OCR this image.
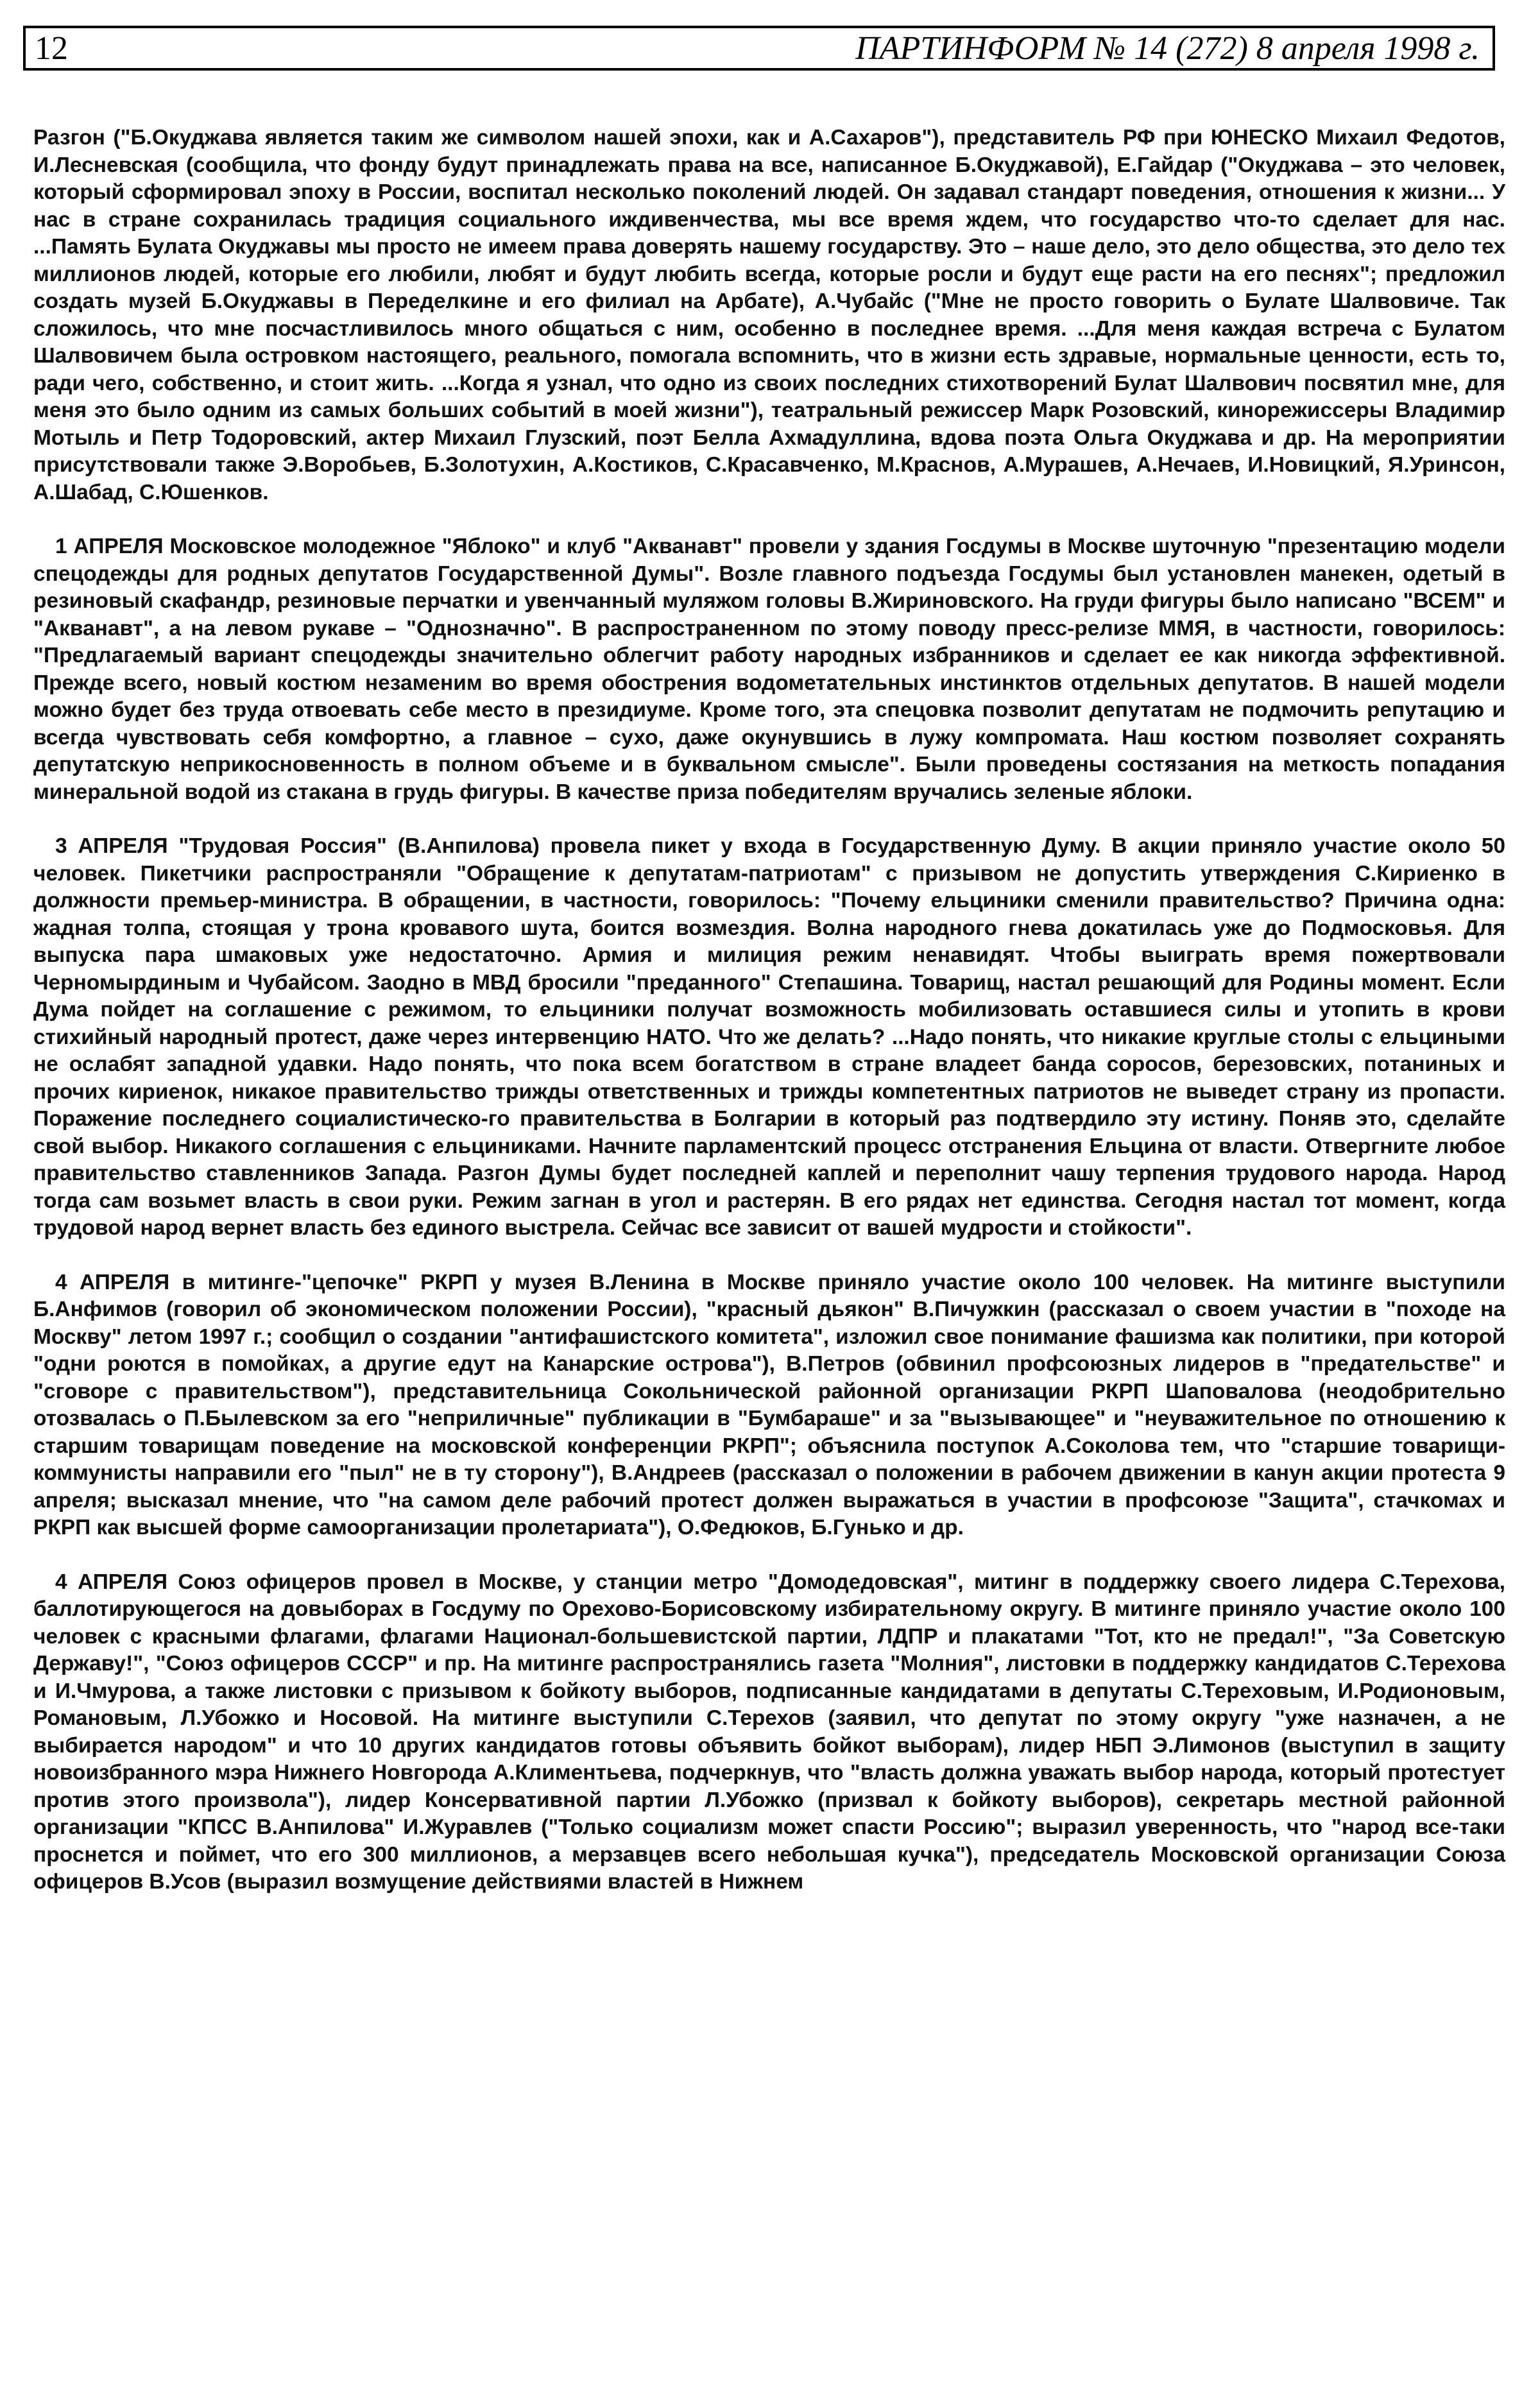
12	ПАРТИНФОРМ № 14 (272) 8 апреля 1998 г.

Разгон ("Б.Окуджава является таким же символом нашей эпохи, как и А.Сахаров"), представитель РФ при ЮНЕСКО Михаил Федотов, И.Лесневская (сообщила, что фонду будут принадлежать права на все, написанное Б.Окуджавой), Е.Гайдар ("Окуджава – это человек, который сформировал эпоху в России, воспитал несколько поколений людей. Он задавал стандарт поведения, отношения к жизни... У нас в стране сохранилась традиция социального иждивенчества, мы все время ждем, что государство что-то сделает для нас. ...Память Булата Окуджавы мы просто не имеем права доверять нашему государству. Это – наше дело, это дело общества, это дело тех миллионов людей, которые его любили, любят и будут любить всегда, которые росли и будут еще расти на его песнях"; предложил создать музей Б.Окуджавы в Переделкине и его филиал на Арбате), А.Чубайс ("Мне не просто говорить о Булате Шалвовиче. Так сложилось, что мне посчастливилось много общаться с ним, особенно в последнее время. ...Для меня каждая встреча с Булатом Шалвовичем была островком настоящего, реального, помогала вспомнить, что в жизни есть здравые, нормальные ценности, есть то, ради чего, собственно, и стоит жить. ...Когда я узнал, что одно из своих последних стихотворений Булат Шалвович посвятил мне, для меня это было одним из самых больших событий в моей жизни"), театральный режиссер Марк Розовский, кинорежиссеры Владимир Мотыль и Петр Тодоровский, актер Михаил Глузский, поэт Белла Ахмадуллина, вдова поэта Ольга Окуджава и др. На мероприятии присутствовали также Э.Воробьев, Б.Золотухин, А.Костиков, С.Красавченко, М.Краснов, А.Мурашев, А.Нечаев, И.Новицкий, Я.Уринсон, А.Шабад, С.Юшенков.

1 АПРЕЛЯ Московское молодежное "Яблоко" и клуб "Акванавт" провели у здания Госдумы в Москве шуточную "презентацию модели спецодежды для родных депутатов Государственной Думы". Возле главного подъезда Госдумы был установлен манекен, одетый в резиновый скафандр, резиновые перчатки и увенчанный муляжом головы В.Жириновского. На груди фигуры было написано "ВСЕМ" и "Акванавт", а на левом рукаве – "Однозначно". В распространенном по этому поводу пресс-релизе ММЯ, в частности, говорилось: "Предлагаемый вариант спецодежды значительно облегчит работу народных избранников и сделает ее как никогда эффективной. Прежде всего, новый костюм незаменим во время обострения водометательных инстинктов отдельных депутатов. В нашей модели можно будет без труда отвоевать себе место в президиуме. Кроме того, эта спецовка позволит депутатам не подмочить репутацию и всегда чувствовать себя комфортно, а главное – сухо, даже окунувшись в лужу компромата. Наш костюм позволяет сохранять депутатскую неприкосновенность в полном объеме и в буквальном смысле". Были проведены состязания на меткость попадания минеральной водой из стакана в грудь фигуры. В качестве приза победителям вручались зеленые яблоки.

3 АПРЕЛЯ "Трудовая Россия" (В.Анпилова) провела пикет у входа в Государственную Думу. В акции приняло участие около 50 человек. Пикетчики распространяли "Обращение к депутатам-патриотам" с призывом не допустить утверждения С.Кириенко в должности премьер-министра. В обращении, в частности, говорилось: "Почему ельциники сменили правительство? Причина одна: жадная толпа, стоящая у трона кровавого шута, боится возмездия. Волна народного гнева докатилась уже до Подмосковья. Для выпуска пара шмаковых уже недостаточно. Армия и милиция режим ненавидят. Чтобы выиграть время пожертвовали Черномырдиным и Чубайсом. Заодно в МВД бросили "преданного" Степашина. Товарищ, настал решающий для Родины момент. Если Дума пойдет на соглашение с режимом, то ельциники получат возможность мобилизовать оставшиеся силы и утопить в крови стихийный народный протест, даже через интервенцию НАТО. Что же делать? ...Надо понять, что никакие круглые столы с ельциными не ослабят западной удавки. Надо понять, что пока всем богатством в стране владеет банда соросов, березовских, потаниных и прочих кириенок, никакое правительство трижды ответственных и трижды компетентных патриотов не выведет страну из пропасти. Поражение последнего социалистическо-го правительства в Болгарии в который раз подтвердило эту истину. Поняв это, сделайте свой выбор. Никакого соглашения с ельциниками. Начните парламентский процесс отстранения Ельцина от власти. Отвергните любое правительство ставленников Запада. Разгон Думы будет последней каплей и переполнит чашу терпения трудового народа. Народ тогда сам возьмет власть в свои руки. Режим загнан в угол и растерян. В его рядах нет единства. Сегодня настал тот момент, когда трудовой народ вернет власть без единого выстрела. Сейчас все зависит от вашей мудрости и стойкости".

4 АПРЕЛЯ в митинге-"цепочке" РКРП у музея В.Ленина в Москве приняло участие около 100 человек. На митинге выступили Б.Анфимов (говорил об экономическом положении России), "красный дьякон" В.Пичужкин (рассказал о своем участии в "походе на Москву" летом 1997 г.; сообщил о создании "антифашистского комитета", изложил свое понимание фашизма как политики, при которой "одни роются в помойках, а другие едут на Канарские острова"), В.Петров (обвинил профсоюзных лидеров в "предательстве" и "сговоре с правительством"), представительница Сокольнической районной организации РКРП Шаповалова (неодобрительно отозвалась о П.Былевском за его "неприличные" публикации в "Бумбараше" и за "вызывающее" и "неуважительное по отношению к старшим товарищам поведение на московской конференции РКРП"; объяснила поступок А.Соколова тем, что "старшие товарищи-коммунисты направили его "пыл" не в ту сторону"), В.Андреев (рассказал о положении в рабочем движении в канун акции протеста 9 апреля; высказал мнение, что "на самом деле рабочий протест должен выражаться в участии в профсоюзе "Защита", стачкомах и РКРП как высшей форме самоорганизации пролетариата"), О.Федюков, Б.Гунько и др.

4 АПРЕЛЯ Союз офицеров провел в Москве, у станции метро "Домодедовская", митинг в поддержку своего лидера С.Терехова, баллотирующегося на довыборах в Госдуму по Орехово-Борисовскому избирательному округу. В митинге приняло участие около 100 человек с красными флагами, флагами Национал-большевистской партии, ЛДПР и плакатами "Тот, кто не предал!", "За Советскую Державу!", "Союз офицеров СССР" и пр. На митинге распространялись газета "Молния", листовки в поддержку кандидатов С.Терехова и И.Чмурова, а также листовки с призывом к бойкоту выборов, подписанные кандидатами в депутаты С.Тереховым, И.Родионовым, Романовым, Л.Убожко и Носовой. На митинге выступили С.Терехов (заявил, что депутат по этому округу "уже назначен, а не выбирается народом" и что 10 других кандидатов готовы объявить бойкот выборам), лидер НБП Э.Лимонов (выступил в защиту новоизбранного мэра Нижнего Новгорода А.Климентьева, подчеркнув, что "власть должна уважать выбор народа, который протестует против этого произвола"), лидер Консервативной партии Л.Убожко (призвал к бойкоту выборов), секретарь местной районной организации "КПСС В.Анпилова" И.Журавлев ("Только социализм может спасти Россию"; выразил уверенность, что "народ все-таки проснется и поймет, что его 300 миллионов, а мерзавцев всего небольшая кучка"), председатель Московской организации Союза офицеров В.Усов (выразил возмущение действиями властей в Нижнем
